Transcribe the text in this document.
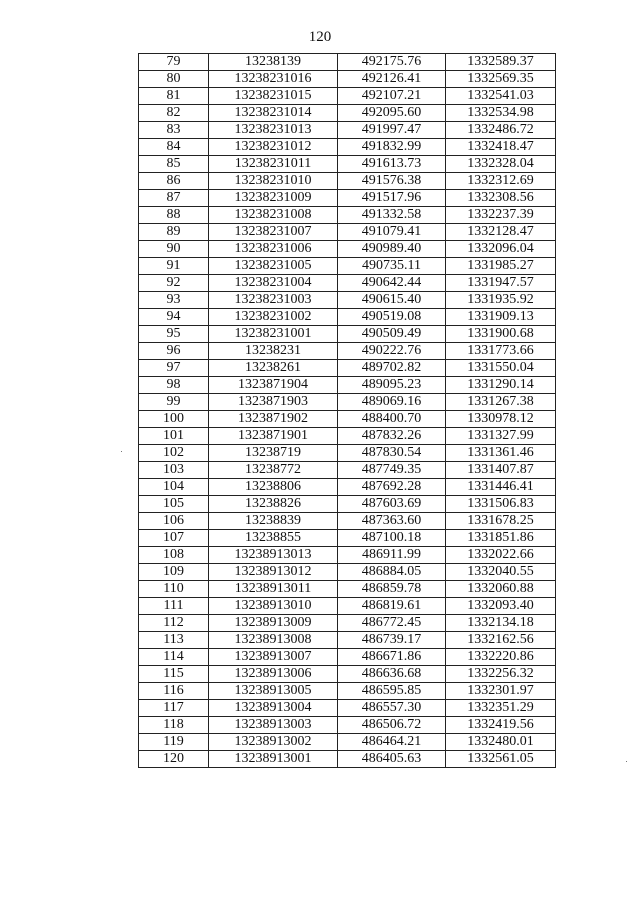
120
79	13238139	492175.76	1332589.37
80	13238231016	492126.41	1332569.35
81	13238231015	492107.21	1332541.03
82	13238231014	492095.60	1332534.98
83	13238231013	491997.47	1332486.72
84	13238231012	491832.99	1332418.47
85	13238231011	491613.73	1332328.04
86	13238231010	491576.38	1332312.69
87	13238231009	491517.96	1332308.56
88	13238231008	491332.58	1332237.39
89	13238231007	491079.41	1332128.47
90	13238231006	490989.40	1332096.04
91	13238231005	490735.11	1331985.27
92	13238231004	490642.44	1331947.57
93	13238231003	490615.40	1331935.92
94	13238231002	490519.08	1331909.13
95	13238231001	490509.49	1331900.68
96	13238231	490222.76	1331773.66
97	13238261	489702.82	1331550.04
98	1323871904	489095.23	1331290.14
99	1323871903	489069.16	1331267.38
100	1323871902	488400.70	1330978.12
101	1323871901	487832.26	1331327.99
102	13238719	487830.54	1331361.46
103	13238772	487749.35	1331407.87
104	13238806	487692.28	1331446.41
105	13238826	487603.69	1331506.83
106	13238839	487363.60	1331678.25
107	13238855	487100.18	1331851.86
108	13238913013	486911.99	1332022.66
109	13238913012	486884.05	1332040.55
110	13238913011	486859.78	1332060.88
111	13238913010	486819.61	1332093.40
112	13238913009	486772.45	1332134.18
113	13238913008	486739.17	1332162.56
114	13238913007	486671.86	1332220.86
115	13238913006	486636.68	1332256.32
116	13238913005	486595.85	1332301.97
117	13238913004	486557.30	1332351.29
118	13238913003	486506.72	1332419.56
119	13238913002	486464.21	1332480.01
120	13238913001	486405.63	1332561.05
